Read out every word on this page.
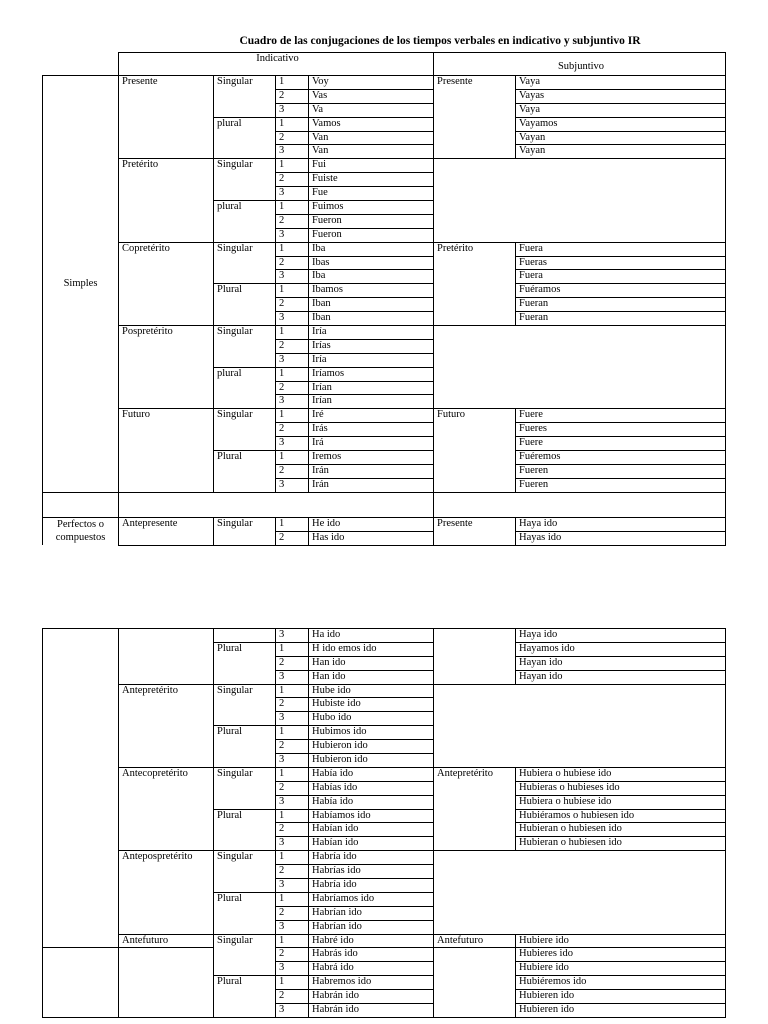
Cuadro de las conjugaciones de los tiempos verbales en indicativo y subjuntivo IR
	Indicativo				Subjuntivo	
Simples	Presente	Singular	1	Voy	Presente	Vaya
			2	Vas		Vayas
			3	Va		Vaya
		plural	1	Vamos		Vayamos
			2	Van		Vayan
			3	Van		Vayan
	Pretérito	Singular	1	Fui		
			2	Fuiste		
			3	Fue		
		plural	1	Fuimos		
			2	Fueron		
			3	Fueron		
	Copretérito	Singular	1	Iba	Pretérito	Fuera
			2	Ibas		Fueras
			3	Iba		Fuera
		Plural	1	Ibamos		Fuéramos
			2	Iban		Fueran
			3	Iban		Fueran
	Pospretérito	Singular	1	Iría		
			2	Irías		
			3	Iría		
		plural	1	Iríamos		
			2	Irían		
			3	Irían		
	Futuro	Singular	1	Iré	Futuro	Fuere
			2	Irás		Fueres
			3	Irá		Fuere
		Plural	1	Iremos		Fuéremos
			2	Irán		Fueren
			3	Irán		Fueren

Perfectos o compuestos	Antepresente	Singular	1	He ido	Presente	Haya ido
			2	Has ido		Hayas ido
			3	Ha ido		Haya ido
		Plural	1	H ido emos ido		Hayamos ido
			2	Han ido		Hayan ido
			3	Han ido		Hayan ido
	Antepretérito	Singular	1	Hube ido		
			2	Hubiste ido		
			3	Hubo ido		
		Plural	1	Hubimos ido		
			2	Hubieron ido		
			3	Hubieron ido		
	Antecopretérito	Singular	1	Había ido	Antepretérito	Hubiera o hubiese ido
			2	Habías ido		Hubieras o hubieses ido
			3	Había ido		Hubiera o hubiese ido
		Plural	1	Habíamos ido		Hubiéramos o hubiesen ido
			2	Habían ido		Hubieran o hubiesen ido
			3	Habían ido		Hubieran o hubiesen ido
	Antepospretérito	Singular	1	Habría ido		
			2	Habrías ido		
			3	Habría ido		
		Plural	1	Habríamos ido		
			2	Habrían ido		
			3	Habrían ido		
	Antefuturo	Singular	1	Habré ido	Antefuturo	Hubiere ido
			2	Habrás ido		Hubieres ido
			3	Habrá ido		Hubiere ido
		Plural	1	Habremos ido		Hubiéremos ido
			2	Habrán ido		Hubieren ido
			3	Habrán ido		Hubieren ido
